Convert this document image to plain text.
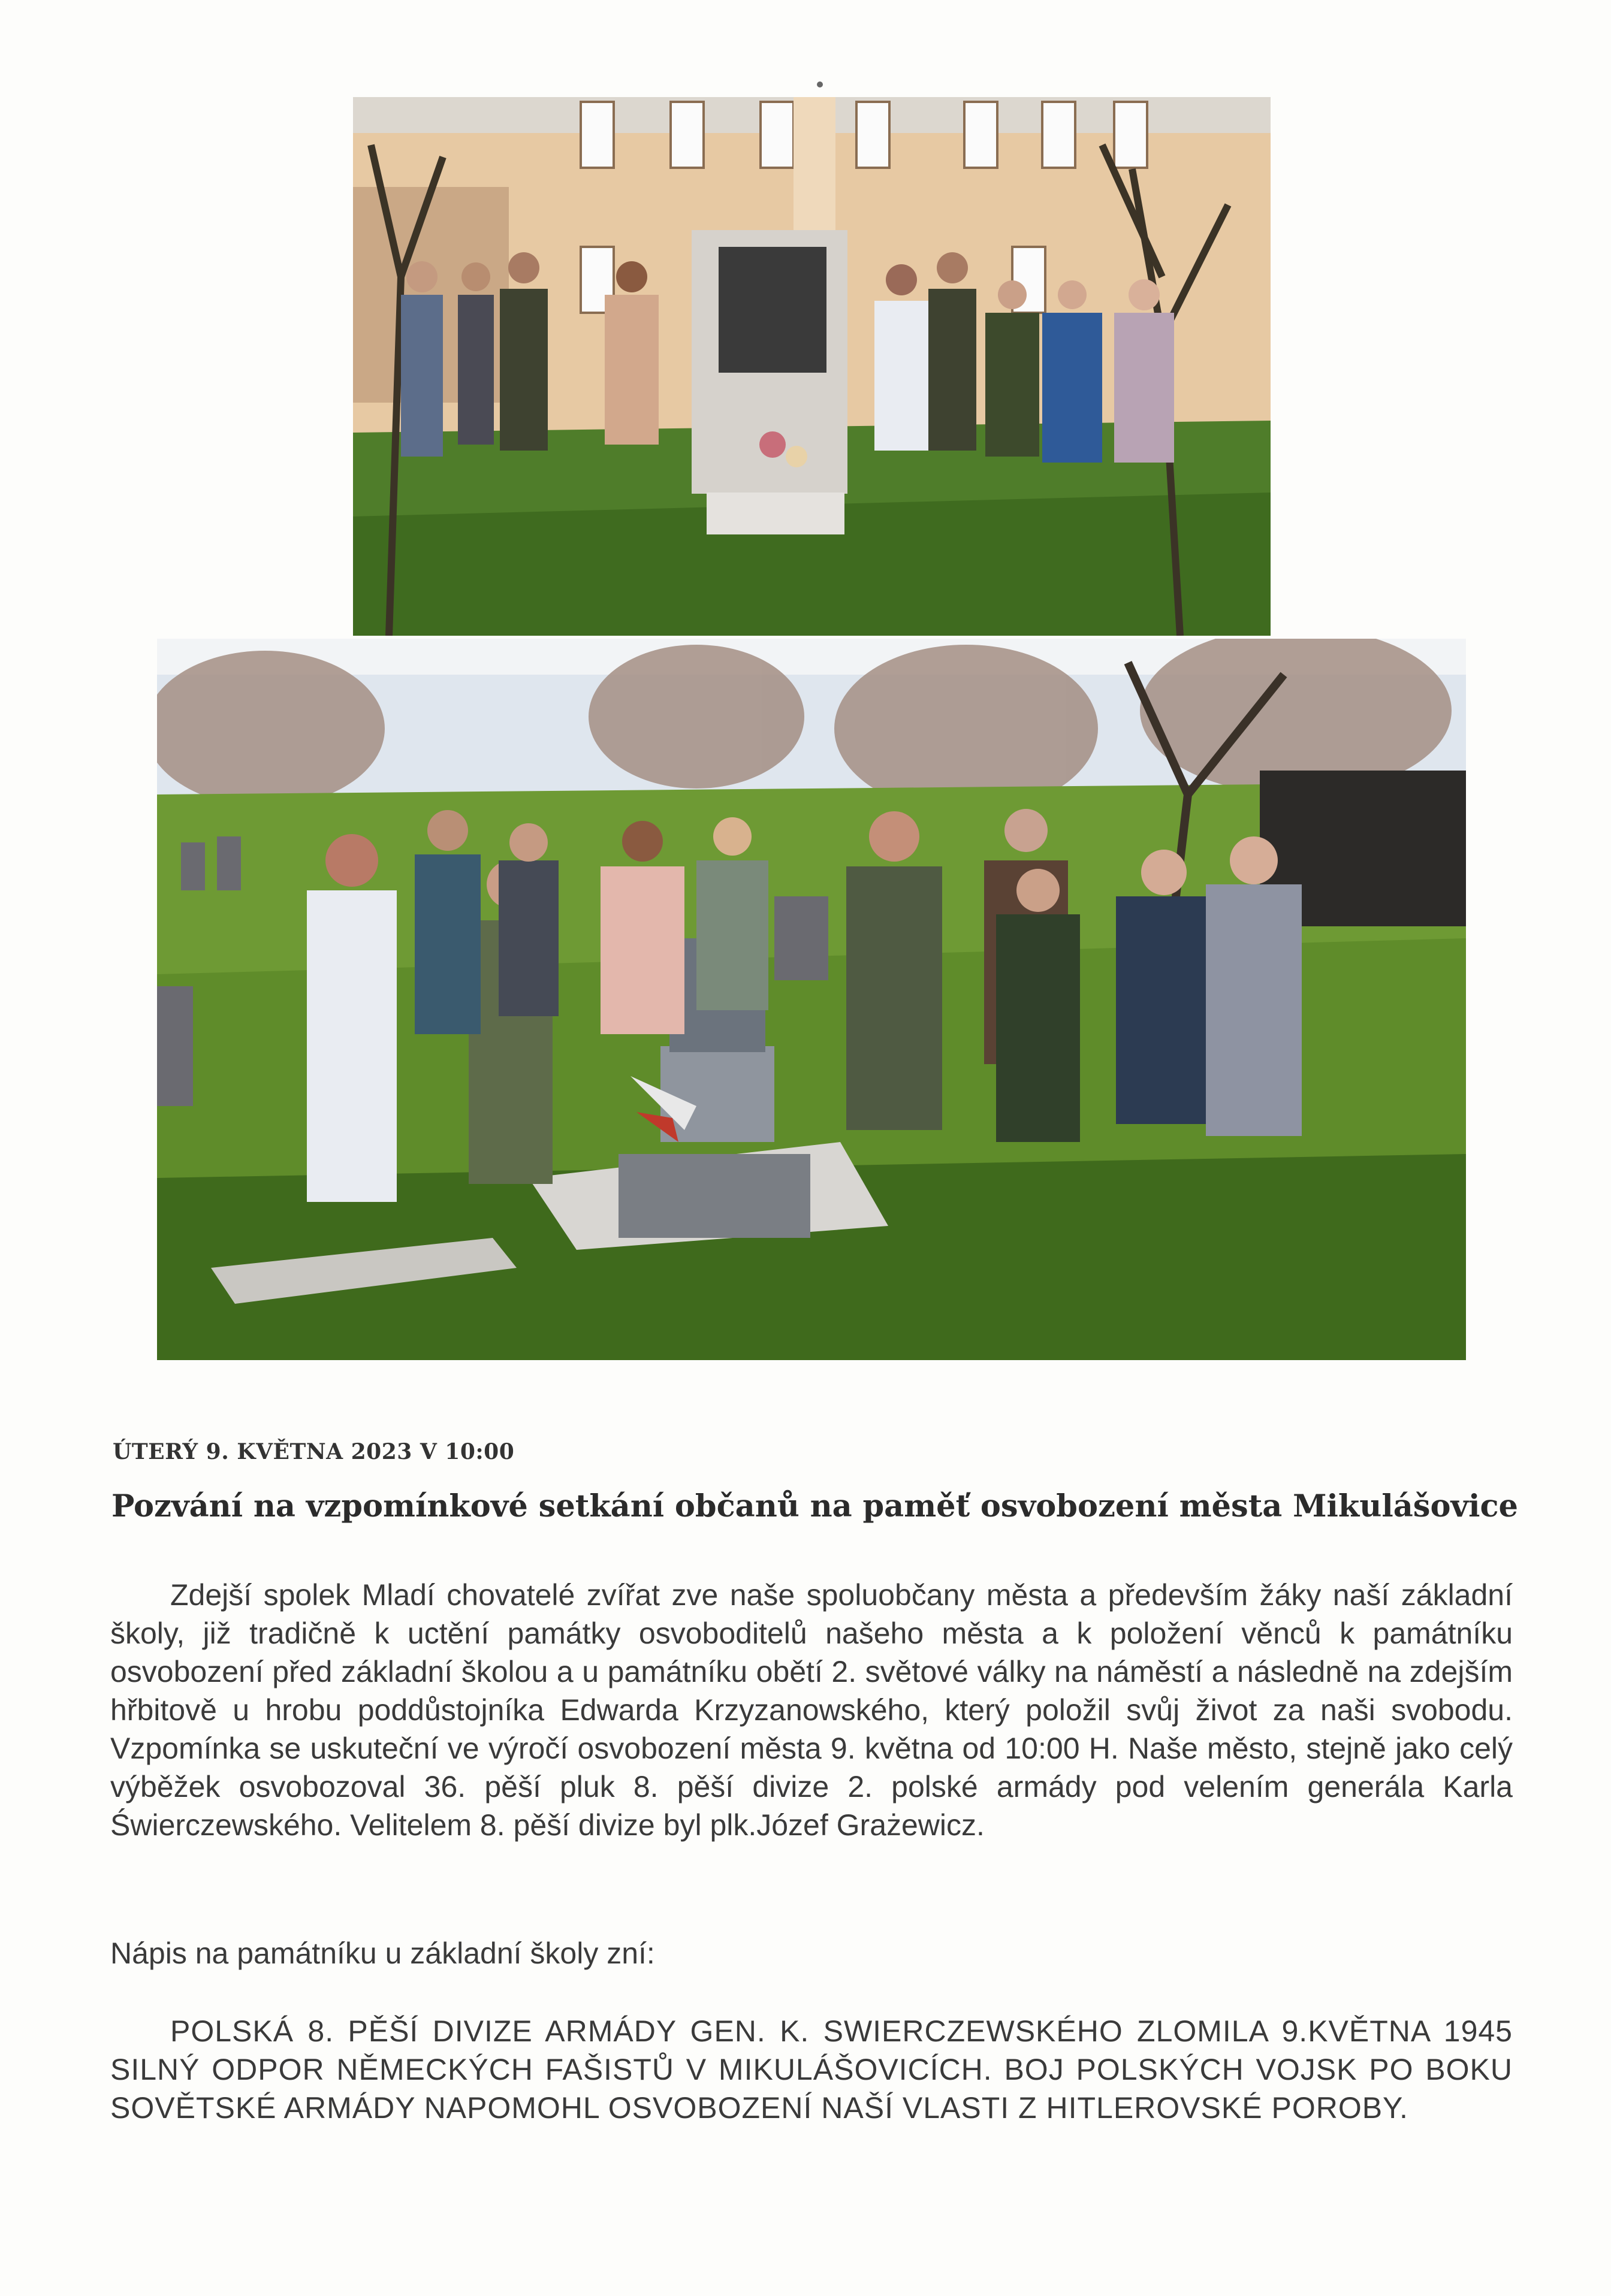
ÚTERÝ 9. KVĚTNA 2023 V 10:00
Pozvání na vzpomínkové setkání občanů na paměť osvobození města Mikulášovice
Zdejší spolek Mladí chovatelé zvířat zve naše spoluobčany města a především žáky naší základní školy, již tradičně k uctění památky osvoboditelů našeho města a k položení věnců k památníku osvobození před základní školou a u památníku obětí 2. světové války na náměstí a následně na zdejším hřbitově u hrobu poddůstojníka Edwarda Krzyzanowského, který položil svůj život za naši svobodu. Vzpomínka se uskuteční ve výročí osvobození města 9. května od 10:00 H. Naše město, stejně jako celý výběžek osvobozoval 36. pěší pluk 8. pěší divize 2. polské armády pod velením generála Karla Świerczewského. Velitelem 8. pěší divize byl plk.Józef Grażewicz.
Nápis na památníku u základní školy zní:
POLSKÁ 8. PĚŠÍ DIVIZE ARMÁDY GEN. K. SWIERCZEWSKÉHO ZLOMILA 9.KVĚTNA 1945 SILNÝ ODPOR NĚMECKÝCH FAŠISTŮ V MIKULÁŠOVICÍCH. BOJ POLSKÝCH VOJSK PO BOKU SOVĚTSKÉ ARMÁDY NAPOMOHL OSVOBOZENÍ NAŠÍ VLASTI Z HITLEROVSKÉ POROBY.
